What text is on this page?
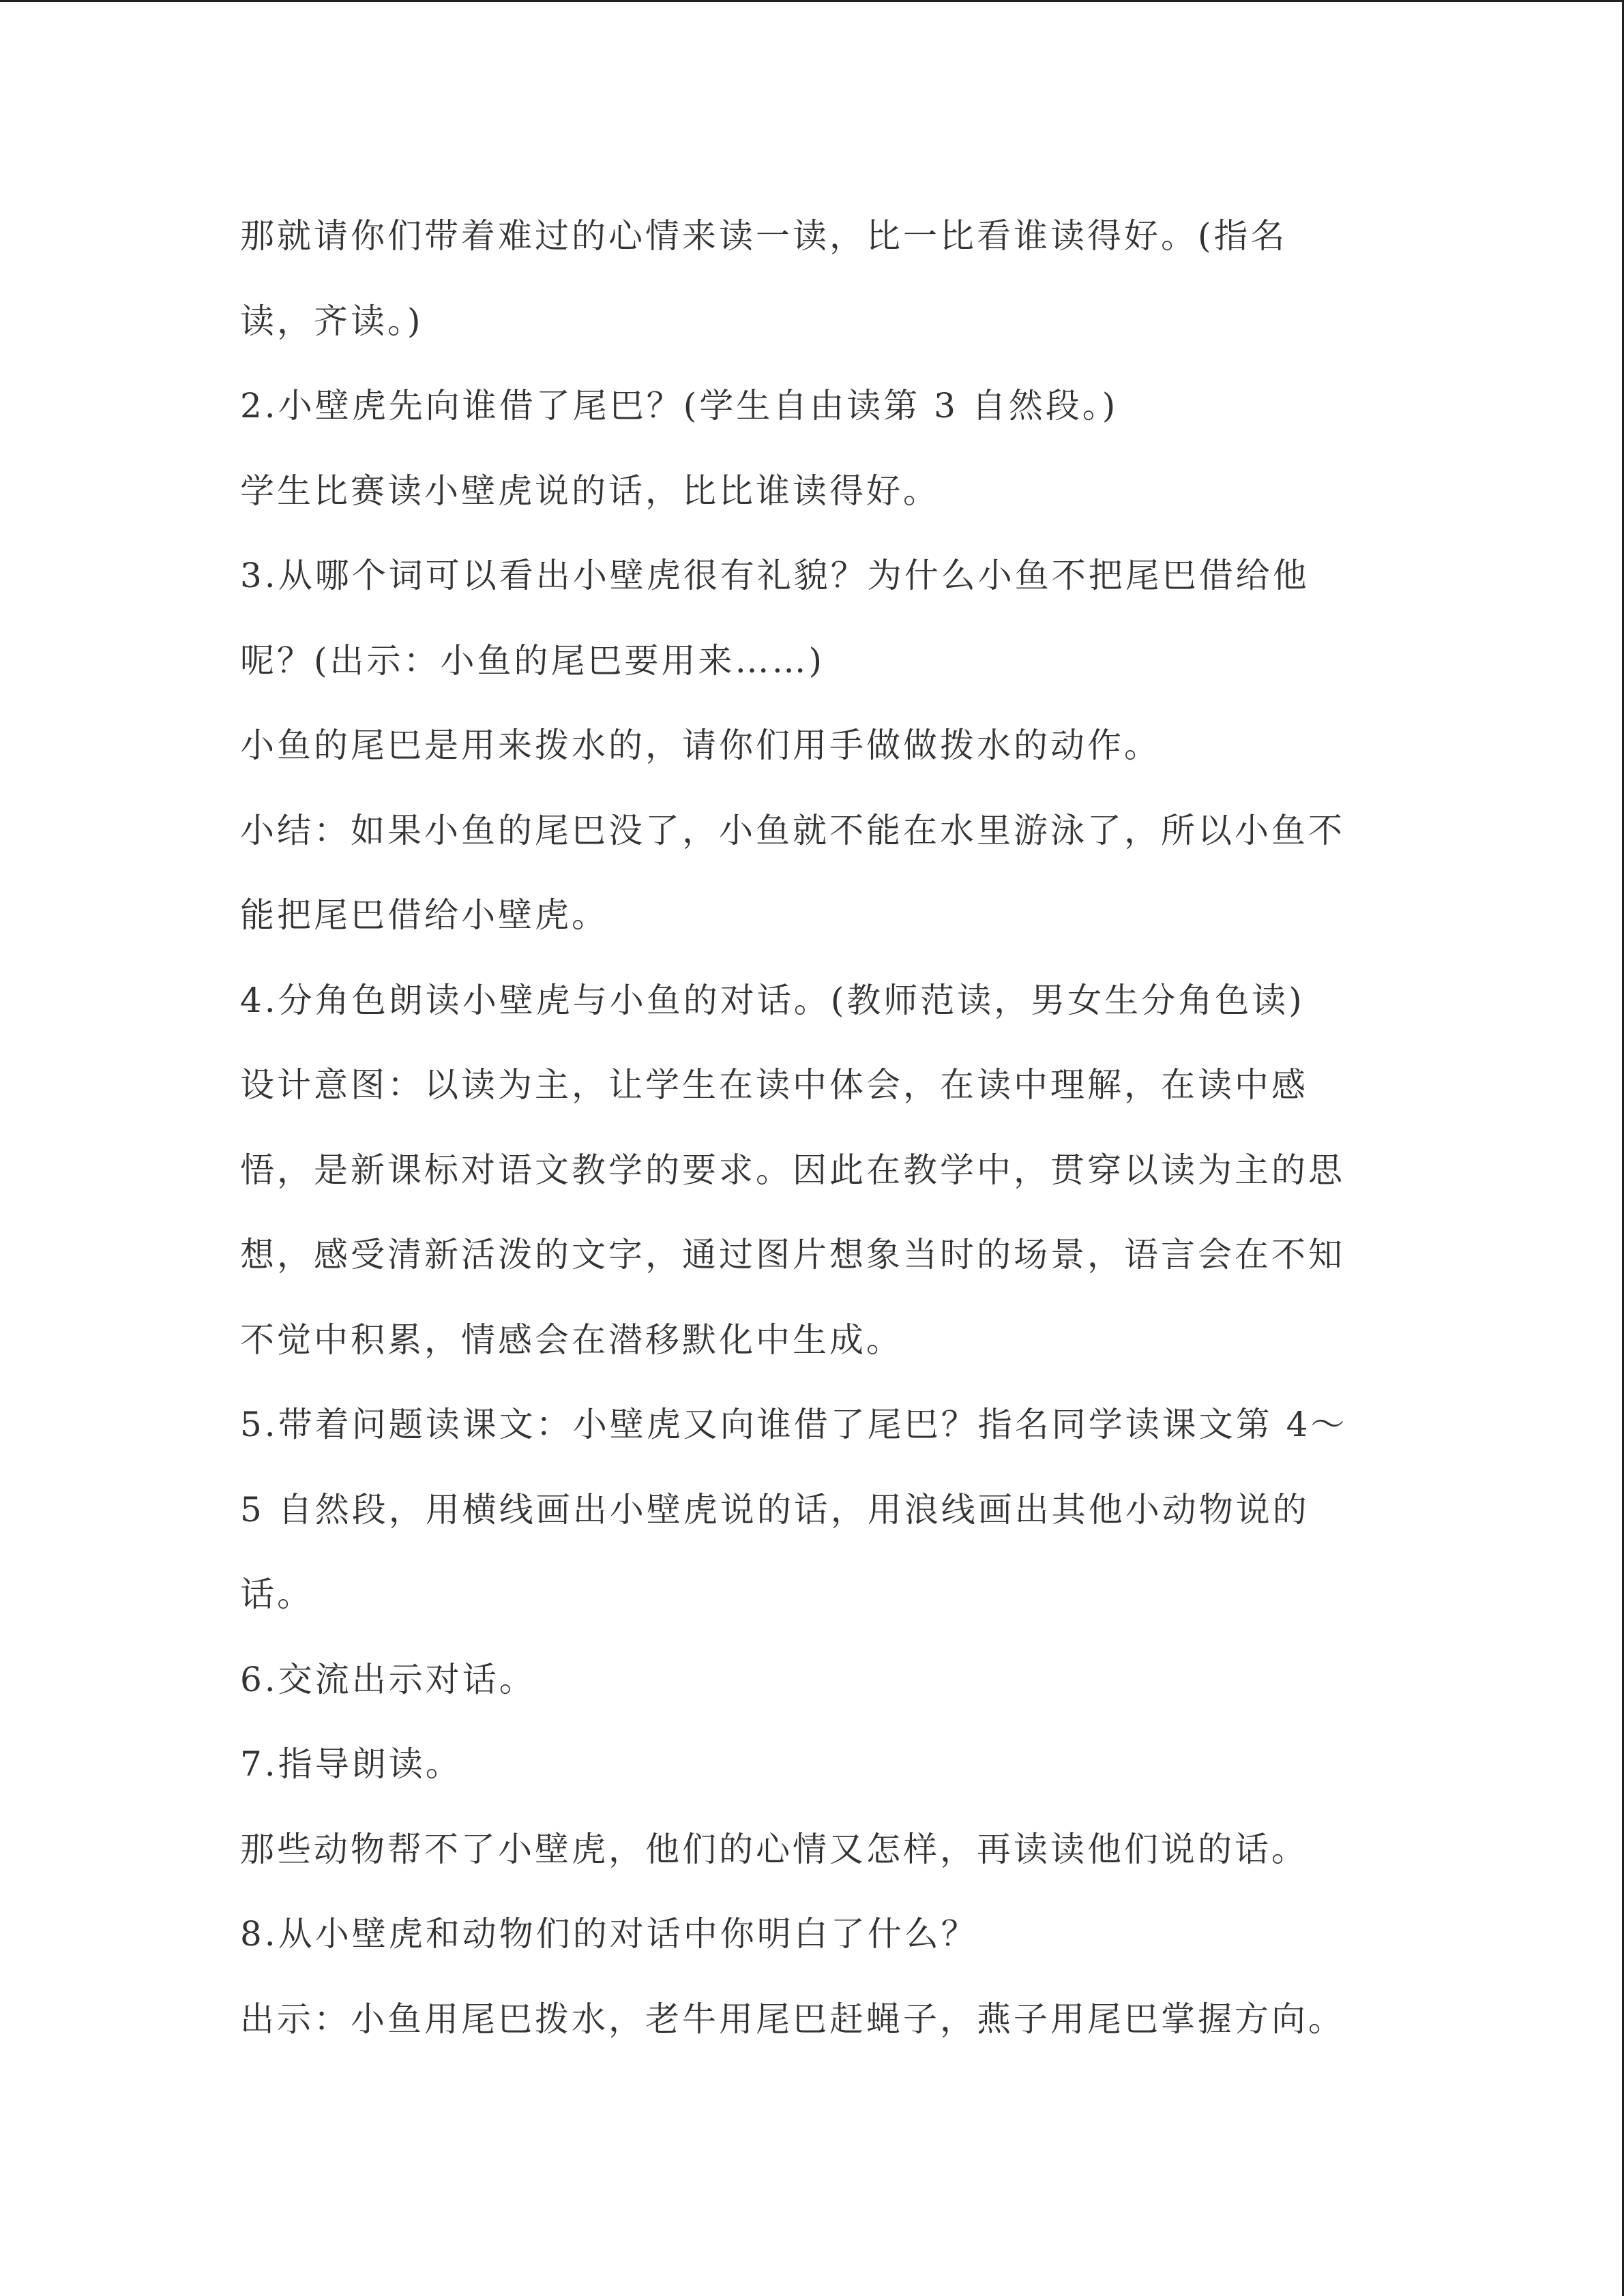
那就请你们带着难过的心情来读一读，比一比看谁读得好。(指名
读，齐读。)
2.小壁虎先向谁借了尾巴？(学生自由读第 3 自然段。)
学生比赛读小壁虎说的话，比比谁读得好。
3.从哪个词可以看出小壁虎很有礼貌？为什么小鱼不把尾巴借给他
呢？(出示：小鱼的尾巴要用来……)
小鱼的尾巴是用来拨水的，请你们用手做做拨水的动作。
小结：如果小鱼的尾巴没了，小鱼就不能在水里游泳了，所以小鱼不
能把尾巴借给小壁虎。
4.分角色朗读小壁虎与小鱼的对话。(教师范读，男女生分角色读)
设计意图：以读为主，让学生在读中体会，在读中理解，在读中感
悟，是新课标对语文教学的要求。因此在教学中，贯穿以读为主的思
想，感受清新活泼的文字，通过图片想象当时的场景，语言会在不知
不觉中积累，情感会在潜移默化中生成。
5.带着问题读课文：小壁虎又向谁借了尾巴？指名同学读课文第 4～
5 自然段，用横线画出小壁虎说的话，用浪线画出其他小动物说的
话。
6.交流出示对话。
7.指导朗读。
那些动物帮不了小壁虎，他们的心情又怎样，再读读他们说的话。
8.从小壁虎和动物们的对话中你明白了什么？
出示：小鱼用尾巴拨水，老牛用尾巴赶蝇子，燕子用尾巴掌握方向。
